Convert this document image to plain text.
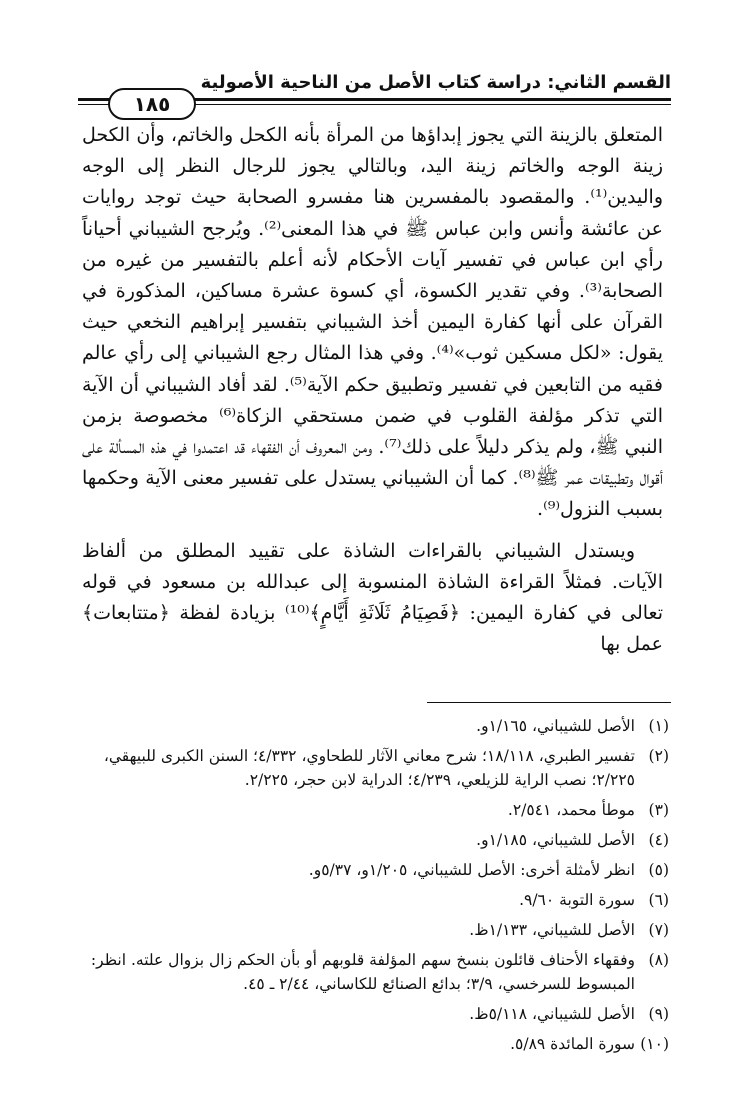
القسم الثاني: دراسة كتاب الأصل من الناحية الأصولية
١٨٥

المتعلق بالزينة التي يجوز إبداؤها من المرأة بأنه الكحل والخاتم، وأن الكحل زينة الوجه والخاتم زينة اليد، وبالتالي يجوز للرجال النظر إلى الوجه واليدين⁽¹⁾. والمقصود بالمفسرين هنا مفسرو الصحابة حيث توجد روايات عن عائشة وأنس وابن عباس ﷺ في هذا المعنى⁽²⁾. ويُرجح الشيباني أحياناً رأي ابن عباس في تفسير آيات الأحكام لأنه أعلم بالتفسير من غيره من الصحابة⁽³⁾. وفي تقدير الكسوة، أي كسوة عشرة مساكين، المذكورة في القرآن على أنها كفارة اليمين أخذ الشيباني بتفسير إبراهيم النخعي حيث يقول: «لكل مسكين ثوب»⁽⁴⁾. وفي هذا المثال رجع الشيباني إلى رأي عالم فقيه من التابعين في تفسير وتطبيق حكم الآية⁽⁵⁾. لقد أفاد الشيباني أن الآية التي تذكر مؤلفة القلوب في ضمن مستحقي الزكاة⁽⁶⁾ مخصوصة بزمن النبي ﷺ، ولم يذكر دليلاً على ذلك⁽⁷⁾. ومن المعروف أن الفقهاء قد اعتمدوا في هذه المسألة على أقوال وتطبيقات عمر ﷺ⁽⁸⁾. كما أن الشيباني يستدل على تفسير معنى الآية وحكمها بسبب النزول⁽⁹⁾.

ويستدل الشيباني بالقراءات الشاذة على تقييد المطلق من ألفاظ الآيات. فمثلاً القراءة الشاذة المنسوبة إلى عبدالله بن مسعود في قوله تعالى في كفارة اليمين: ﴿فَصِيَامُ ثَلَاثَةِ أَيَّامٍ﴾⁽¹⁰⁾ بزيادة لفظة ﴿متتابعات﴾ عمل بها

(١)
الأصل للشيباني، ١/١٦٥و.
(٢)
تفسير الطبري، ١٨/١١٨؛ شرح معاني الآثار للطحاوي، ٤/٣٣٢؛ السنن الكبرى للبيهقي، ٢/٢٢٥؛ نصب الراية للزيلعي، ٤/٢٣٩؛ الدراية لابن حجر، ٢/٢٢٥.
(٣)
موطأ محمد، ٢/٥٤١.
(٤)
الأصل للشيباني، ١/١٨٥و.
(٥)
انظر لأمثلة أخرى: الأصل للشيباني، ١/٢٠٥و، ٥/٣٧و.
(٦)
سورة التوبة ٩/٦٠.
(٧)
الأصل للشيباني، ١/١٣٣ظ.
(٨)
وفقهاء الأحناف قائلون بنسخ سهم المؤلفة قلوبهم أو بأن الحكم زال بزوال علته. انظر: المبسوط للسرخسي، ٣/٩؛ بدائع الصنائع للكاساني، ٢/٤٤ ـ ٤٥.
(٩)
الأصل للشيباني، ٥/١١٨ظ.
(١٠)
سورة المائدة ٥/٨٩.
